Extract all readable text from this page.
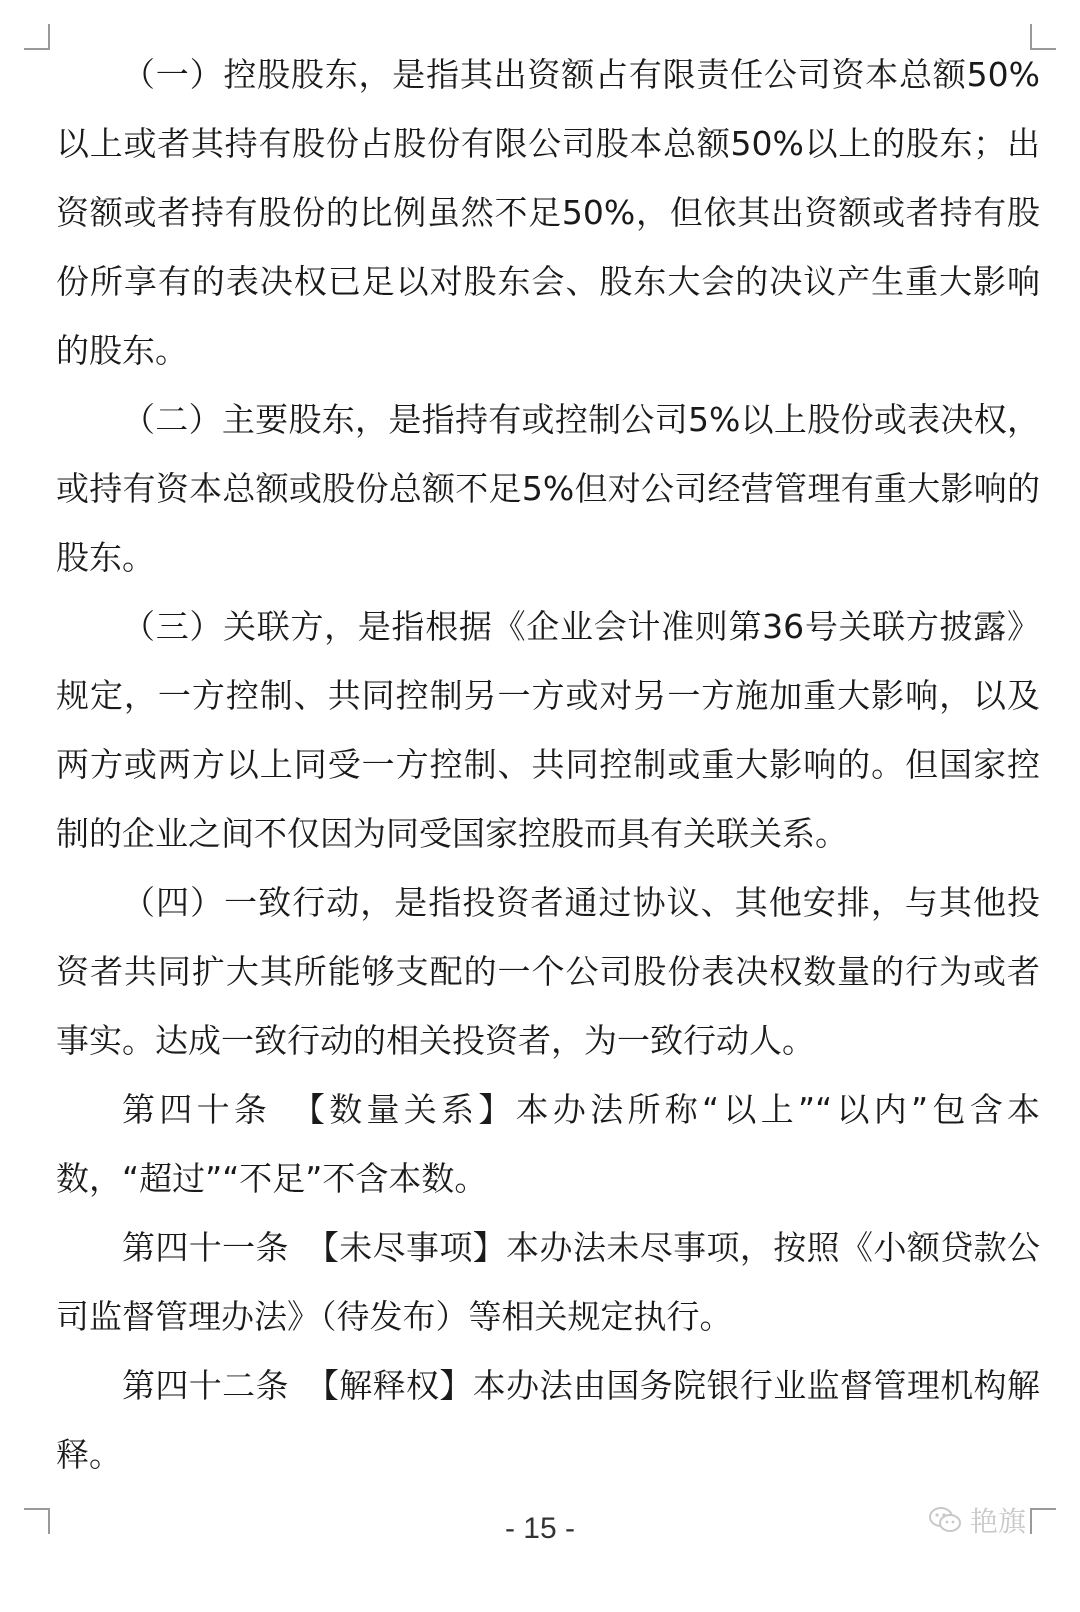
（一）控股股东，是指其出资额占有限责任公司资本总额50%以上或者其持有股份占股份有限公司股本总额50%以上的股东；出资额或者持有股份的比例虽然不足50%，但依其出资额或者持有股份所享有的表决权已足以对股东会、股东大会的决议产生重大影响的股东。

（二）主要股东，是指持有或控制公司5%以上股份或表决权，或持有资本总额或股份总额不足5%但对公司经营管理有重大影响的股东。

（三）关联方，是指根据《企业会计准则第36号关联方披露》规定，一方控制、共同控制另一方或对另一方施加重大影响，以及两方或两方以上同受一方控制、共同控制或重大影响的。但国家控制的企业之间不仅因为同受国家控股而具有关联关系。

（四）一致行动，是指投资者通过协议、其他安排，与其他投资者共同扩大其所能够支配的一个公司股份表决权数量的行为或者事实。达成一致行动的相关投资者，为一致行动人。

第四十条　【数量关系】本办法所称“以上”“以内”包含本数，“超过”“不足”不含本数。

第四十一条　【未尽事项】本办法未尽事项，按照《小额贷款公司监督管理办法》（待发布）等相关规定执行。

第四十二条　【解释权】本办法由国务院银行业监督管理机构解释。

- 15 -	艳旗
